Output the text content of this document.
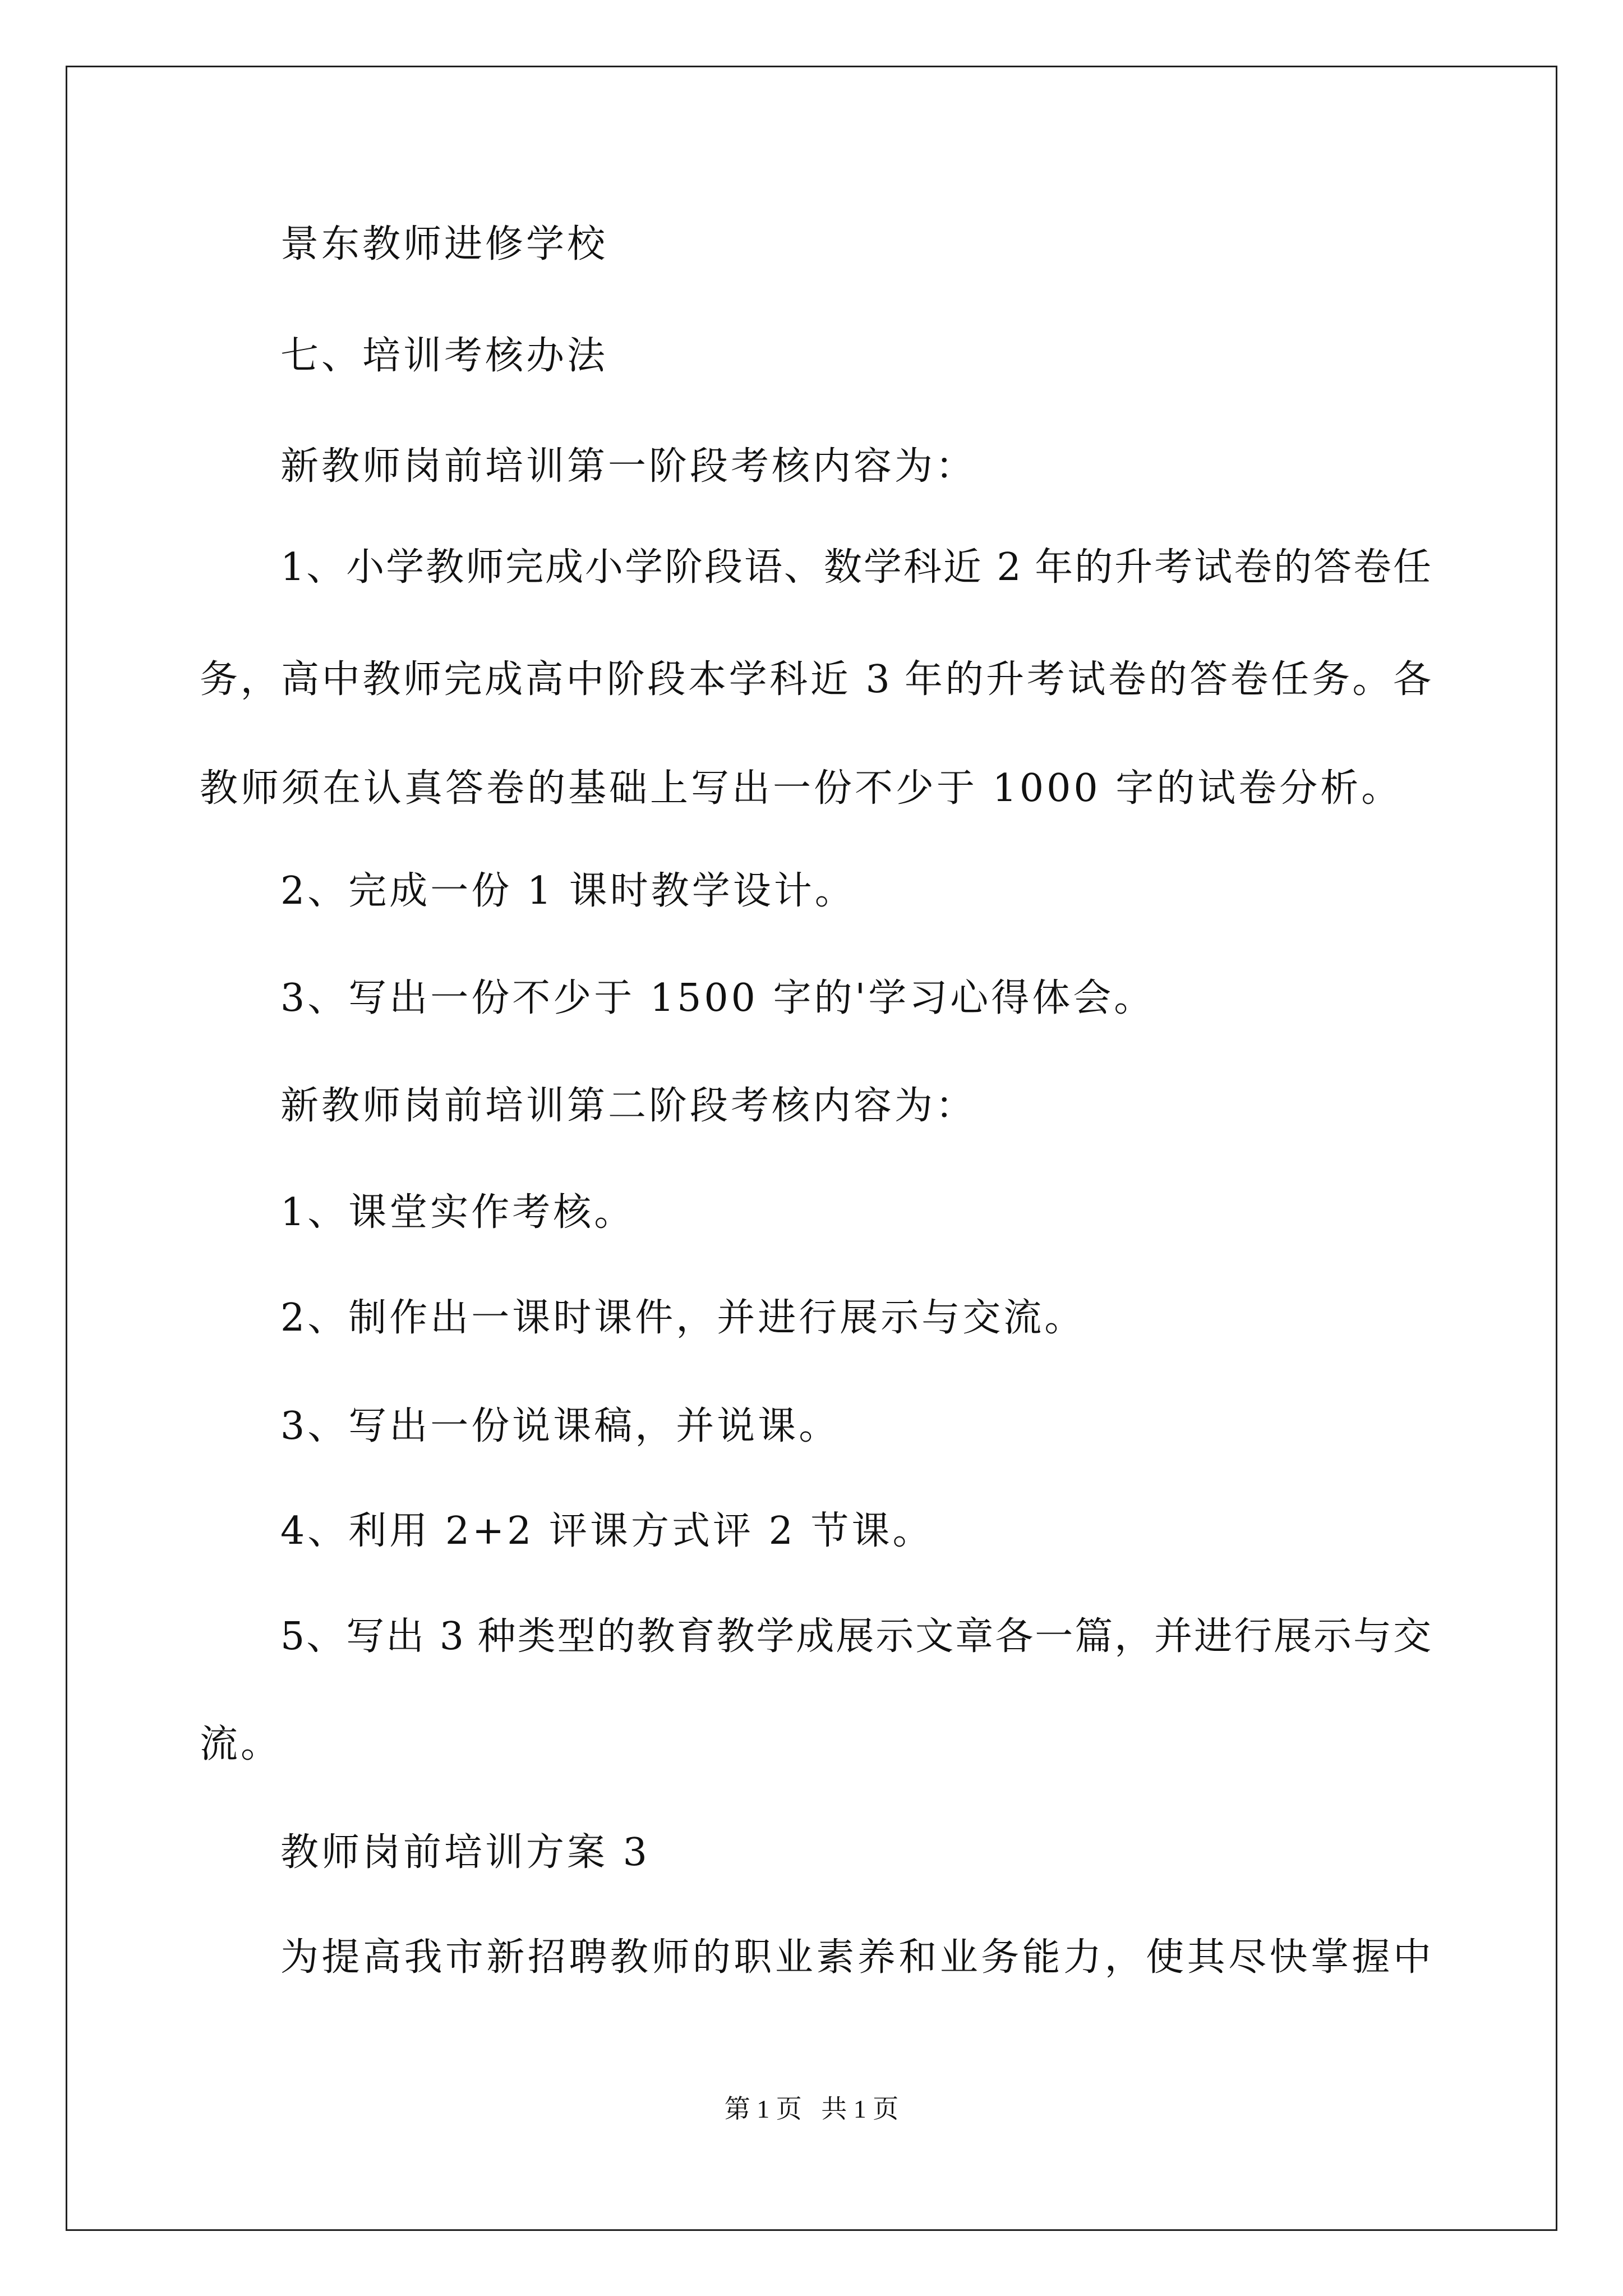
景东教师进修学校
七、培训考核办法
新教师岗前培训第一阶段考核内容为：
1、小学教师完成小学阶段语、数学科近 2 年的升考试卷的答卷任
务，高中教师完成高中阶段本学科近 3 年的升考试卷的答卷任务。各
教师须在认真答卷的基础上写出一份不少于 1000 字的试卷分析。
2、完成一份 1 课时教学设计。
3、写出一份不少于 1500 字的'学习心得体会。
新教师岗前培训第二阶段考核内容为：
1、课堂实作考核。
2、制作出一课时课件，并进行展示与交流。
3、写出一份说课稿，并说课。
4、利用 2+2 评课方式评 2 节课。
5、写出 3 种类型的教育教学成展示文章各一篇，并进行展示与交
流。
教师岗前培训方案 3
为提高我市新招聘教师的职业素养和业务能力，使其尽快掌握中
第 1 页   共 1 页
